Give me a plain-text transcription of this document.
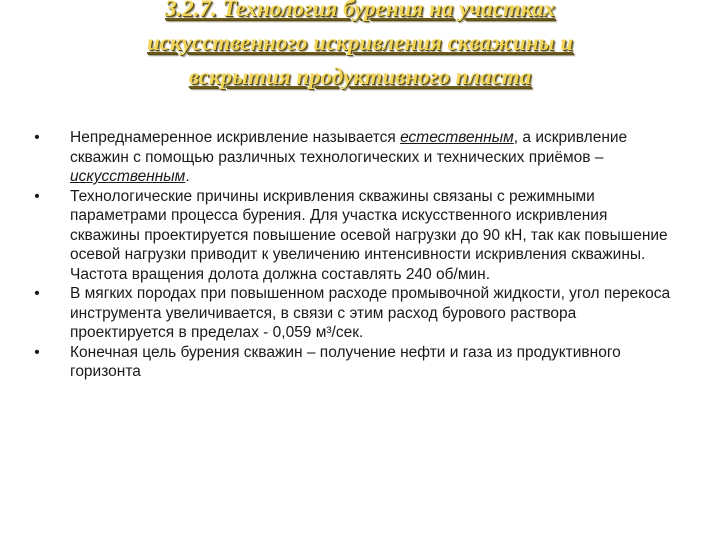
3.2.7. Технология бурения на участках
искусственного искривления скважины и
вскрытия продуктивного пласта
• Непреднамеренное искривление называется естественным, а искривление скважин с помощью различных технологических и технических приёмов – искусственным.
• Технологические причины искривления скважины связаны с режимными параметрами процесса бурения. Для участка искусственного искривления скважины проектируется повышение осевой нагрузки до 90 кН, так как повышение осевой нагрузки приводит к увеличению интенсивности искривления скважины. Частота вращения долота должна составлять 240 об/мин.
• В мягких породах при повышенном расходе промывочной жидкости, угол перекоса инструмента увеличивается, в связи с этим расход бурового раствора проектируется в пределах - 0,059 м³/сек.
• Конечная цель бурения скважин – получение нефти и газа из продуктивного горизонта
